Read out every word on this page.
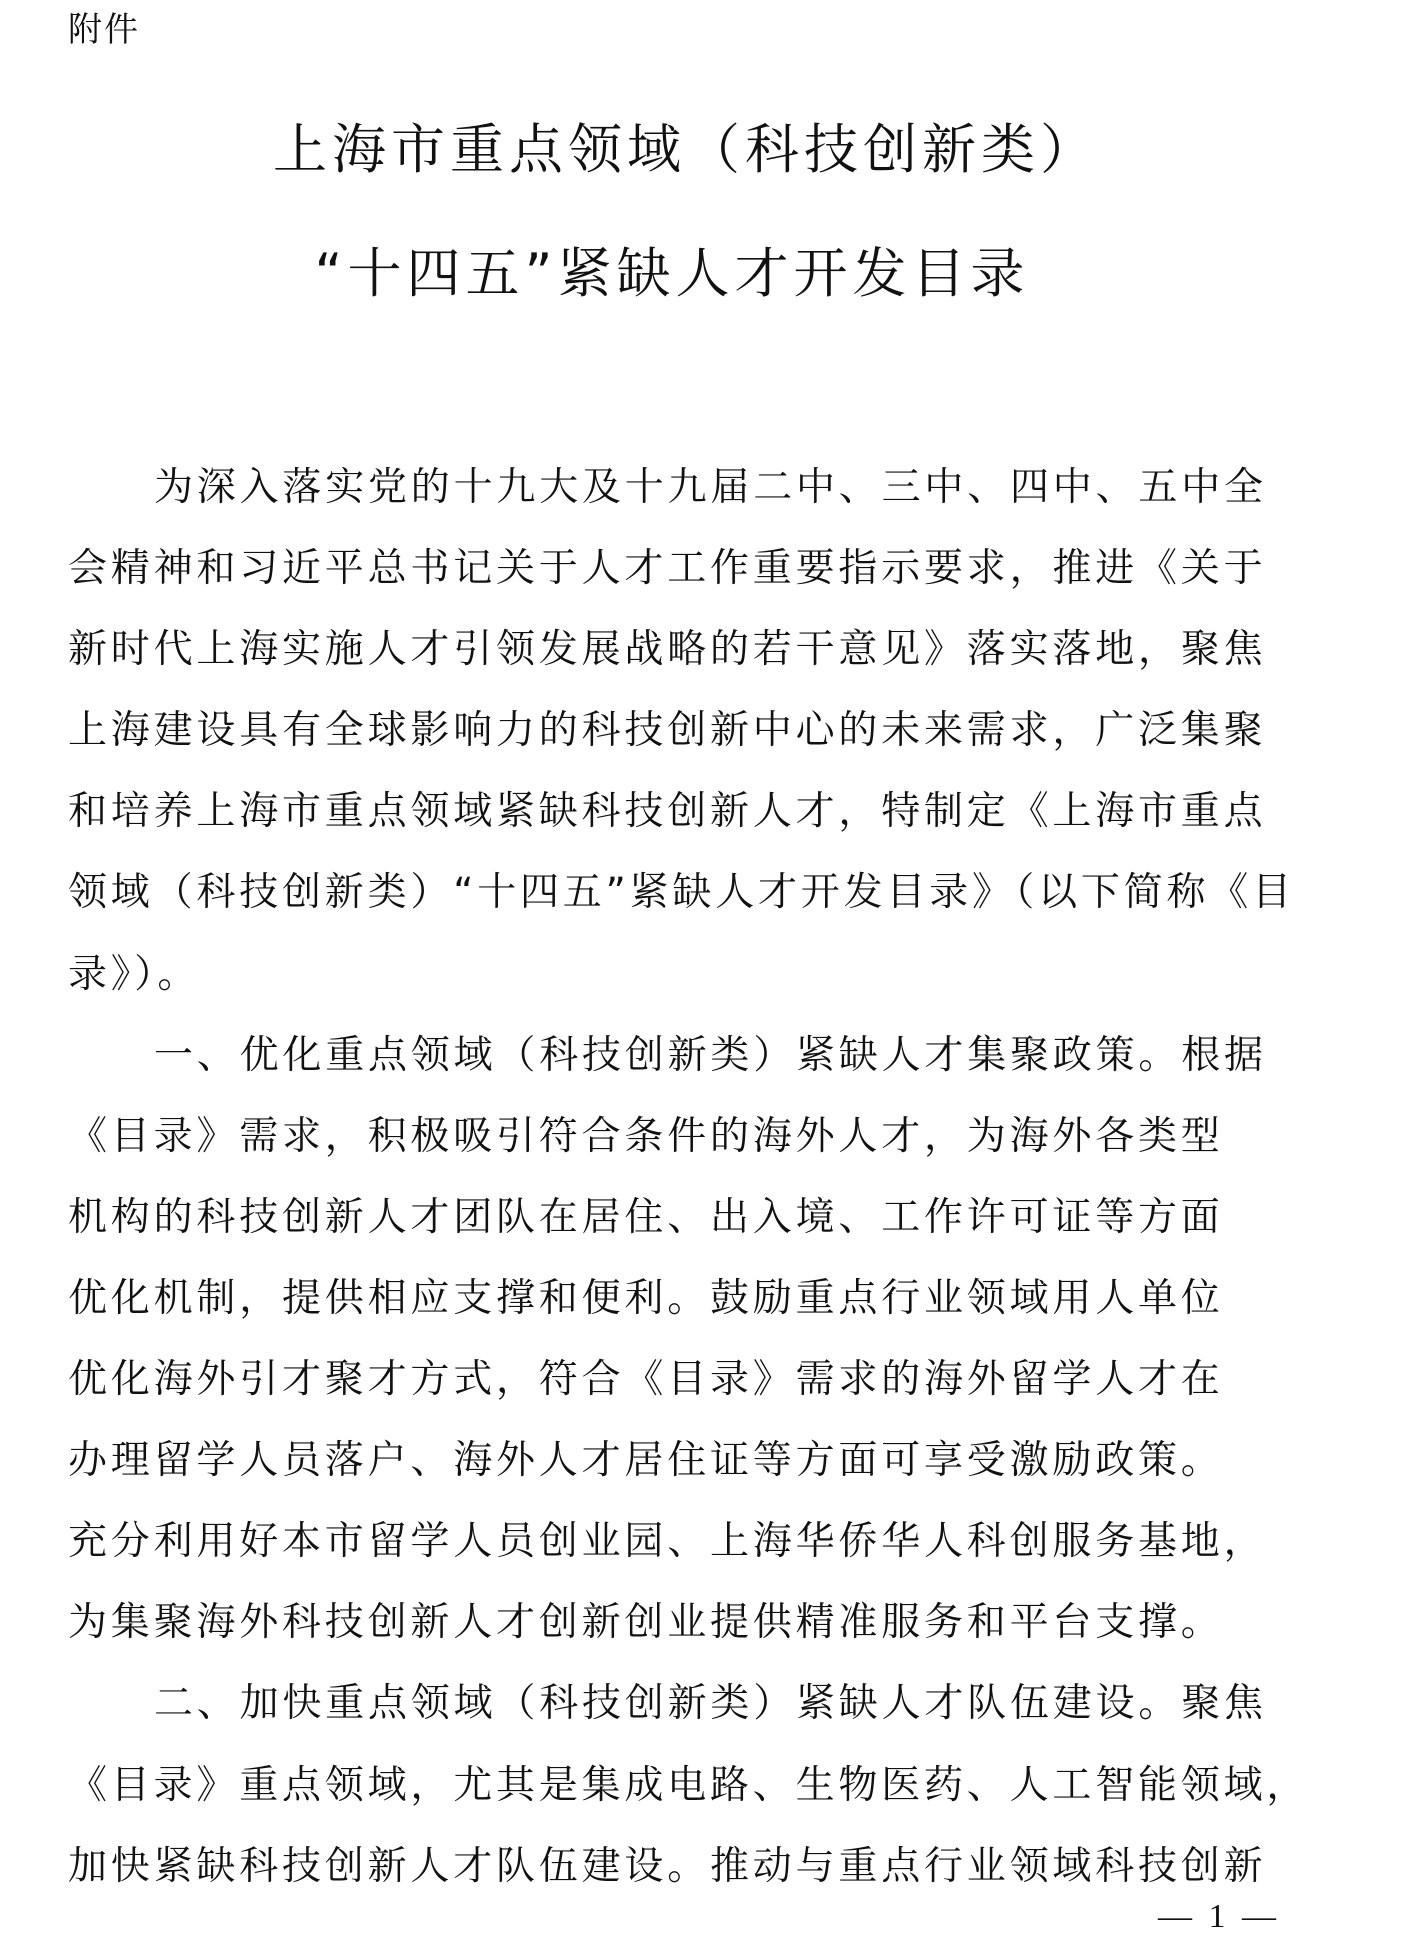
附件
上海市重点领域（科技创新类）
“十四五”紧缺人才开发目录
为深入落实党的十九大及十九届二中、三中、四中、五中全
会精神和习近平总书记关于人才工作重要指示要求，推进《关于
新时代上海实施人才引领发展战略的若干意见》落实落地，聚焦
上海建设具有全球影响力的科技创新中心的未来需求，广泛集聚
和培养上海市重点领域紧缺科技创新人才，特制定《上海市重点
领域（科技创新类）“十四五”紧缺人才开发目录》（以下简称《目
录》）。
一、优化重点领域（科技创新类）紧缺人才集聚政策。根据
《目录》需求，积极吸引符合条件的海外人才，为海外各类型
机构的科技创新人才团队在居住、出入境、工作许可证等方面
优化机制，提供相应支撑和便利。鼓励重点行业领域用人单位
优化海外引才聚才方式，符合《目录》需求的海外留学人才在
办理留学人员落户、海外人才居住证等方面可享受激励政策。
充分利用好本市留学人员创业园、上海华侨华人科创服务基地，
为集聚海外科技创新人才创新创业提供精准服务和平台支撑。
二、加快重点领域（科技创新类）紧缺人才队伍建设。聚焦
《目录》重点领域，尤其是集成电路、生物医药、人工智能领域，
加快紧缺科技创新人才队伍建设。推动与重点行业领域科技创新
— 1 —
